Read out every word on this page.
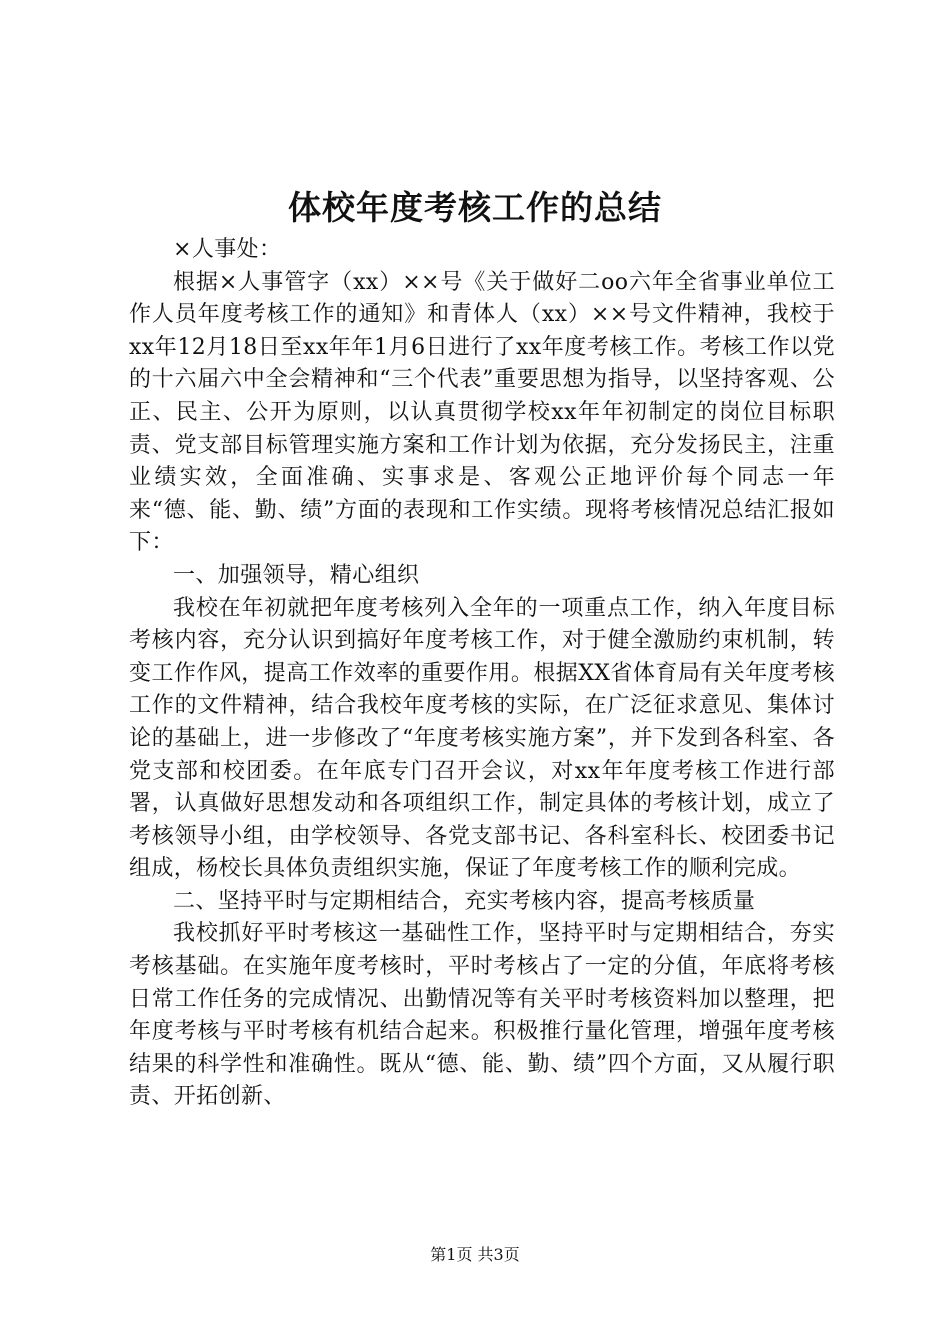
体校年度考核工作的总结

×人事处：

根据×人事管字（xx）××号《关于做好二oo六年全省事业单位工作人员年度考核工作的通知》和青体人（xx）××号文件精神，我校于xx年12月18日至xx年年1月6日进行了xx年度考核工作。考核工作以党的十六届六中全会精神和“三个代表”重要思想为指导，以坚持客观、公正、民主、公开为原则，以认真贯彻学校xx年年初制定的岗位目标职责、党支部目标管理实施方案和工作计划为依据，充分发扬民主，注重业绩实效，全面准确、实事求是、客观公正地评价每个同志一年来“德、能、勤、绩”方面的表现和工作实绩。现将考核情况总结汇报如下：

一、加强领导，精心组织

我校在年初就把年度考核列入全年的一项重点工作，纳入年度目标考核内容，充分认识到搞好年度考核工作，对于健全激励约束机制，转变工作作风，提高工作效率的重要作用。根据XX省体育局有关年度考核工作的文件精神，结合我校年度考核的实际，在广泛征求意见、集体讨论的基础上，进一步修改了“年度考核实施方案”，并下发到各科室、各党支部和校团委。在年底专门召开会议，对xx年年度考核工作进行部署，认真做好思想发动和各项组织工作，制定具体的考核计划，成立了考核领导小组，由学校领导、各党支部书记、各科室科长、校团委书记组成，杨校长具体负责组织实施，保证了年度考核工作的顺利完成。

二、坚持平时与定期相结合，充实考核内容，提高考核质量

我校抓好平时考核这一基础性工作，坚持平时与定期相结合，夯实考核基础。在实施年度考核时，平时考核占了一定的分值，年底将考核日常工作任务的完成情况、出勤情况等有关平时考核资料加以整理，把年度考核与平时考核有机结合起来。积极推行量化管理，增强年度考核结果的科学性和准确性。既从“德、能、勤、绩”四个方面，又从履行职责、开拓创新、

第1页 共3页
